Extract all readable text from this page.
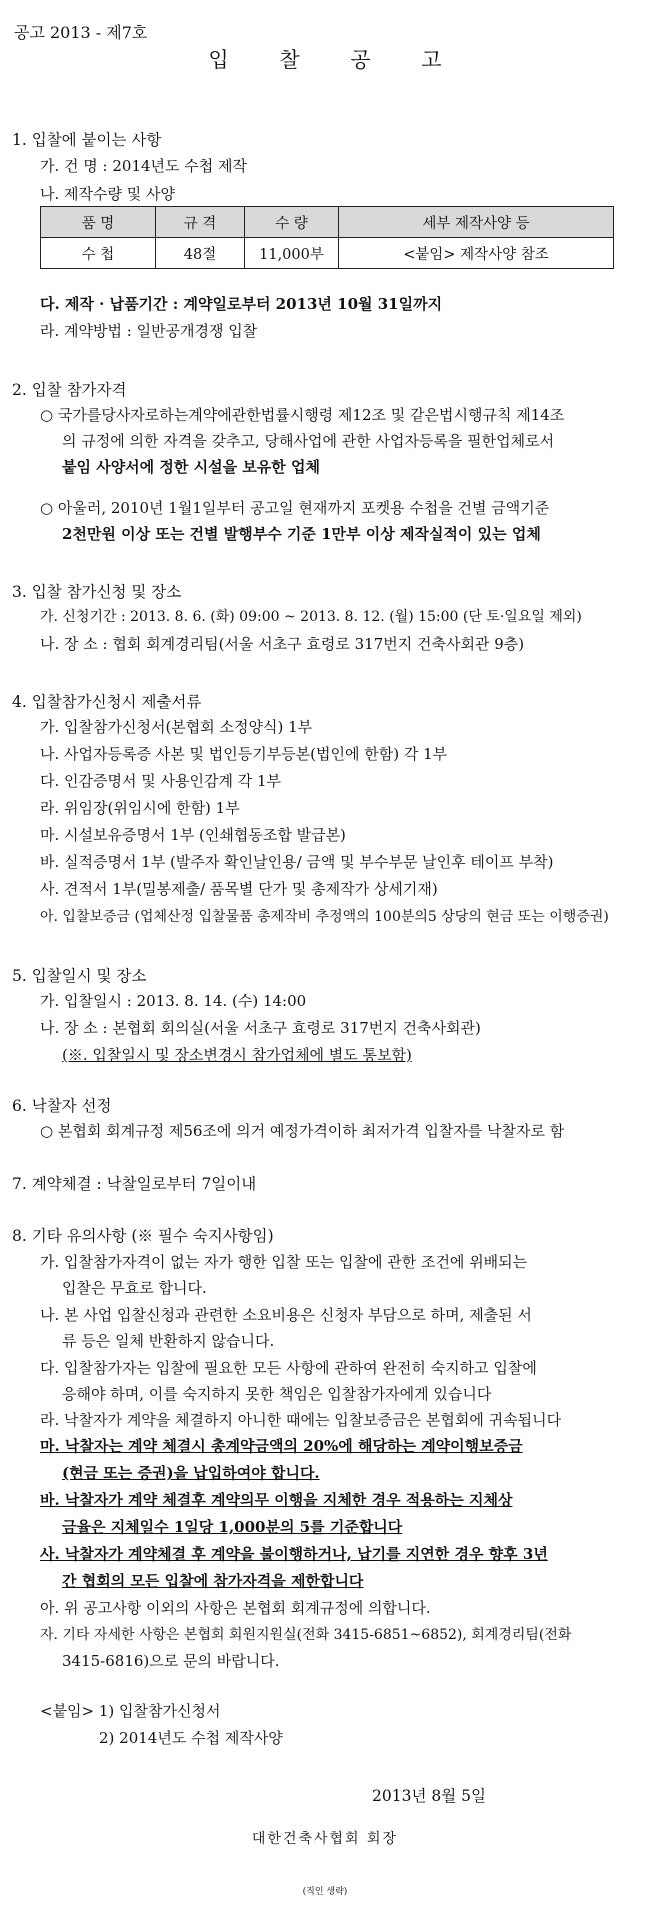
공고 2013 - 제7호
입 찰 공 고
1. 입찰에 붙이는 사항
가. 건 명 : 2014년도 수첩 제작
나. 제작수량 및 사양
품 명	규 격	수 량	세부 제작사양 등
수 첩	48절	11,000부	<붙임> 제작사양 참조
다. 제작 · 납품기간 : 계약일로부터 2013년 10월 31일까지
라. 계약방법 : 일반공개경쟁 입찰
2. 입찰 참가자격
○ 국가를당사자로하는계약에관한법률시행령 제12조 및 같은법시행규칙 제14조
의 규정에 의한 자격을 갖추고, 당해사업에 관한 사업자등록을 필한업체로서
붙임 사양서에 정한 시설을 보유한 업체
○ 아울러, 2010년 1월1일부터 공고일 현재까지 포켓용 수첩을 건별 금액기준
2천만원 이상 또는 건별 발행부수 기준 1만부 이상 제작실적이 있는 업체
3. 입찰 참가신청 및 장소
가. 신청기간 : 2013. 8. 6. (화) 09:00 ~ 2013. 8. 12. (월) 15:00 (단 토·일요일 제외)
나. 장 소 : 협회 회계경리팀(서울 서초구 효령로 317번지 건축사회관 9층)
4. 입찰참가신청시 제출서류
가. 입찰참가신청서(본협회 소정양식) 1부
나. 사업자등록증 사본 및 법인등기부등본(법인에 한함) 각 1부
다. 인감증명서 및 사용인감계 각 1부
라. 위임장(위임시에 한함) 1부
마. 시설보유증명서 1부 (인쇄협동조합 발급본)
바. 실적증명서 1부 (발주자 확인날인용/ 금액 및 부수부문 날인후 테이프 부착)
사. 견적서 1부(밀봉제출/ 품목별 단가 및 총제작가 상세기재)
아. 입찰보증금 (업체산정 입찰물품 총제작비 추정액의 100분의5 상당의 현금 또는 이행증권)
5. 입찰일시 및 장소
가. 입찰일시 : 2013. 8. 14. (수) 14:00
나. 장 소 : 본협회 회의실(서울 서초구 효령로 317번지 건축사회관)
(※. 입찰일시 및 장소변경시 참가업체에 별도 통보함)
6. 낙찰자 선정
○ 본협회 회계규정 제56조에 의거 예정가격이하 최저가격 입찰자를 낙찰자로 함
7. 계약체결 : 낙찰일로부터 7일이내
8. 기타 유의사항 (※ 필수 숙지사항임)
가. 입찰참가자격이 없는 자가 행한 입찰 또는 입찰에 관한 조건에 위배되는
입찰은 무효로 합니다.
나. 본 사업 입찰신청과 관련한 소요비용은 신청자 부담으로 하며, 제출된 서
류 등은 일체 반환하지 않습니다.
다. 입찰참가자는 입찰에 필요한 모든 사항에 관하여 완전히 숙지하고 입찰에
응해야 하며, 이를 숙지하지 못한 책임은 입찰참가자에게 있습니다
라. 낙찰자가 계약을 체결하지 아니한 때에는 입찰보증금은 본협회에 귀속됩니다
마. 낙찰자는 계약 체결시 총계약금액의 20%에 해당하는 계약이행보증금
(현금 또는 증권)을 납입하여야 합니다.
바. 낙찰자가 계약 체결후 계약의무 이행을 지체한 경우 적용하는 지체상
금율은 지체일수 1일당 1,000분의 5를 기준합니다
사. 낙찰자가 계약체결 후 계약을 불이행하거나, 납기를 지연한 경우 향후 3년
간 협회의 모든 입찰에 참가자격을 제한합니다
아. 위 공고사항 이외의 사항은 본협회 회계규정에 의합니다.
자. 기타 자세한 사항은 본협회 회원지원실(전화 3415-6851~6852), 회계경리팀(전화
3415-6816)으로 문의 바랍니다.
<붙임> 1) 입찰참가신청서
2) 2014년도 수첩 제작사양
2013년 8월 5일
대한건축사협회 회장
(직인 생략)
